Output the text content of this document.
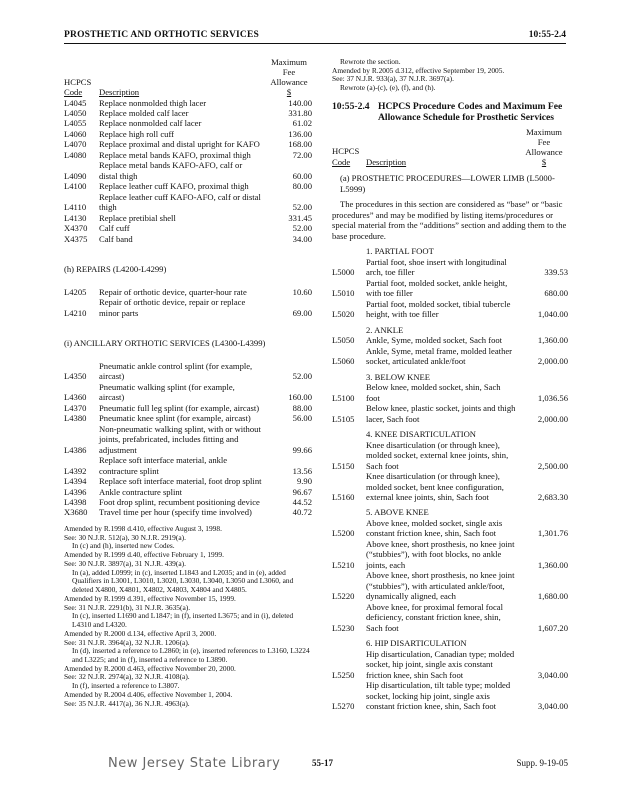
PROSTHETIC AND ORTHOTIC SERVICES	10:55-2.4
HCPCS
Code	Description
Maximum
Fee
Allowance
$
L4045	Replace nonmolded thigh lacer	140.00
L4050	Replace molded calf lacer	331.80
L4055	Replace nonmolded calf lacer	61.02
L4060	Replace high roll cuff	136.00
L4070	Replace proximal and distal upright for KAFO	168.00
L4080	Replace metal bands KAFO, proximal thigh	72.00
L4090
Replace metal bands KAFO-AFO, calf or distal thigh	60.00
L4100	Replace leather cuff KAFO, proximal thigh	80.00
L4110
Replace leather cuff KAFO-AFO, calf or distal thigh	52.00
L4130	Replace pretibial shell	331.45
X4370	Calf cuff	52.00
X4375	Calf band	34.00
(h) REPAIRS (L4200-L4299)
L4205	Repair of orthotic device, quarter-hour rate	10.60
L4210
Repair of orthotic device, repair or replace minor parts	69.00
(i) ANCILLARY ORTHOTIC SERVICES (L4300-L4399)
L4350
Pneumatic ankle control splint (for example, aircast)	52.00
L4360
Pneumatic walking splint (for example, aircast)	160.00
L4370	Pneumatic full leg splint (for example, aircast)	88.00
L4380	Pneumatic knee splint (for example, aircast)	56.00
L4386
Non-pneumatic walking splint, with or without joints, prefabricated, includes fitting and adjustment	99.66
L4392
Replace soft interface material, ankle contracture splint	13.56
L4394	Replace soft interface material, foot drop splint	9.90
L4396	Ankle contracture splint	96.67
L4398	Foot drop splint, recumbent positioning device	44.52
X3680	Travel time per hour (specify time involved)	40.72
Amended by R.1998 d.410, effective August 3, 1998.
See: 30 N.J.R. 512(a), 30 N.J.R. 2919(a).
In (c) and (h), inserted new Codes.
Amended by R.1999 d.40, effective February 1, 1999.
See: 30 N.J.R. 3897(a), 31 N.J.R. 439(a).
In (a), added L0999; in (c), inserted L1843 and L2035; and in (e), added Qualifiers in L3001, L3010, L3020, L3030, L3040, L3050 and L3060, and deleted X4800, X4801, X4802, X4803, X4804 and X4805.
Amended by R.1999 d.391, effective November 15, 1999.
See: 31 N.J.R. 2291(b), 31 N.J.R. 3635(a).
In (c), inserted L1690 and L1847; in (f), inserted L3675; and in (i), deleted L4310 and L4320.
Amended by R.2000 d.134, effective April 3, 2000.
See: 31 N.J.R. 3964(a), 32 N.J.R. 1206(a).
In (d), inserted a reference to L2860; in (e), inserted references to L3160, L3224 and L3225; and in (f), inserted a reference to L3890.
Amended by R.2000 d.463, effective November 20, 2000.
See: 32 N.J.R. 2974(a), 32 N.J.R. 4108(a).
In (f), inserted a reference to L3807.
Amended by R.2004 d.406, effective November 1, 2004.
See: 35 N.J.R. 4417(a), 36 N.J.R. 4963(a).
Rewrote the section.
Amended by R.2005 d.312, effective September 19, 2005.
See: 37 N.J.R. 933(a), 37 N.J.R. 3697(a).
Rewrote (a)-(c), (e), (f), and (h).
10:55-2.4 HCPCS Procedure Codes and Maximum Fee Allowance Schedule for Prosthetic Services
HCPCS
Code	Description
Maximum
Fee
Allowance
$
(a) PROSTHETIC PROCEDURES—LOWER LIMB (L5000-L5999)
The procedures in this section are considered as “base” or “basic procedures” and may be modified by listing items/procedures or special material from the “additions” section and adding them to the base procedure.
1. PARTIAL FOOT
L5000
Partial foot, shoe insert with longitudinal arch, toe filler	339.53
L5010
Partial foot, molded socket, ankle height, with toe filler	680.00
L5020
Partial foot, molded socket, tibial tubercle height, with toe filler	1,040.00
2. ANKLE
L5050	Ankle, Syme, molded socket, Sach foot	1,360.00
L5060
Ankle, Syme, metal frame, molded leather socket, articulated ankle/foot	2,000.00
3. BELOW KNEE
L5100
Below knee, molded socket, shin, Sach foot	1,036.56
L5105
Below knee, plastic socket, joints and thigh lacer, Sach foot	2,000.00
4. KNEE DISARTICULATION
L5150
Knee disarticulation (or through knee), molded socket, external knee joints, shin, Sach foot	2,500.00
L5160
Knee disarticulation (or through knee), molded socket, bent knee configuration, external knee joints, shin, Sach foot	2,683.30
5. ABOVE KNEE
L5200
Above knee, molded socket, single axis constant friction knee, shin, Sach foot	1,301.76
L5210
Above knee, short prosthesis, no knee joint (“stubbies”), with foot blocks, no ankle joints, each	1,360.00
L5220
Above knee, short prosthesis, no knee joint (“stubbies”), with articulated ankle/foot, dynamically aligned, each	1,680.00
L5230
Above knee, for proximal femoral focal deficiency, constant friction knee, shin, Sach foot	1,607.20
6. HIP DISARTICULATION
L5250
Hip disarticulation, Canadian type; molded socket, hip joint, single axis constant friction knee, shin Sach foot	3,040.00
L5270
Hip disarticulation, tilt table type; molded socket, locking hip joint, single axis constant friction knee, shin, Sach foot	3,040.00
New Jersey State Library	55-17	Supp. 9-19-05
